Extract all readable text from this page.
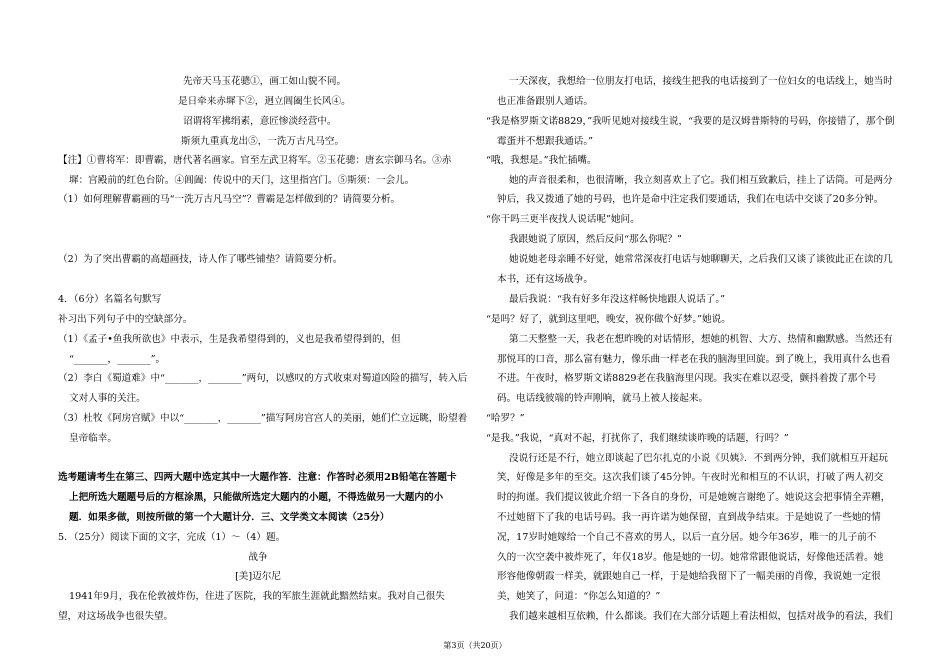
先帝天马玉花骢①，画工如山貌不同。
是日牵来赤墀下②，迥立阊阖生长风④。
诏谓将军拂绢素，意匠惨淡经营中。
斯须九重真龙出⑤，一洗万古凡马空。
【注】①曹将军：即曹霸，唐代著名画家。官至左武卫将军。②玉花骢：唐玄宗御马名。③赤
墀：宫殿前的红色台阶。④阊阖：传说中的天门，这里指宫门。⑤斯须：一会儿。
（1）如何理解曹霸画的马“一洗万古凡马空”？曹霸是怎样做到的？请简要分析。
（2）为了突出曹霸的高超画技，诗人作了哪些铺垫？请简要分析。
4．（6分）名篇名句默写
补习出下列句子中的空缺部分。
（1）《孟子•鱼我所欲也》中表示，生是我希望得到的，义也是我希望得到的，但
“_______，_______”。
（2）李白《蜀道难》中“_______，_______”两句，以感叹的方式收束对蜀道凶险的描写，转入后
文对人事的关注。
（3）杜牧《阿房宫赋》中以“_______，_______”描写阿房宫宫人的美丽，她们伫立远眺，盼望着
皇帝临幸。
选考题请考生在第三、四两大题中选定其中一大题作答．注意：作答时必须用2B铅笔在答题卡
上把所选大题题号后的方框涂黑，只能做所选定大题内的小题，不得选做另一大题内的小
题．如果多做，则按所做的第一个大题计分．三、文学类文本阅读（25分）
5．（25分）阅读下面的文字，完成（1）～（4）题。
战争
[美]迈尔尼
1941年9月，我在伦敦被炸伤，住进了医院，我的军旅生涯就此黯然结束。我对自己很失
望，对这场战争也很失望。
一天深夜，我想给一位朋友打电话，接线生把我的电话接到了一位妇女的电话线上，她当时
也正准备跟别人通话。
“我是格罗斯文诺8829，”我听见她对接线生说，“我要的是汉姆普斯特的号码，你接错了，那个倒
霉蛋并不想跟我通话。”
“哦，我想是。”我忙插嘴。
她的声音很柔和，也很清晰，我立刻喜欢上了它。我们相互致歉后，挂上了话筒。可是两分
钟后，我又拨通了她的号码，也许是命中注定我们要通话，我们在电话中交谈了20多分钟。
“你干吗三更半夜找人说话呢”她问。
我跟她说了原因，然后反问“那么你呢？”
她说她老母亲睡不好觉，她常常深夜打电话与她聊聊天，之后我们又谈了谈彼此正在读的几
本书，还有这场战争。
最后我说：“我有好多年没这样畅快地跟人说话了。”
“是吗？好了，就到这里吧，晚安，祝你做个好梦。”她说。
第二天整整一天，我老在想昨晚的对话情形，想她的机智、大方、热情和幽默感。当然还有
那悦耳的口音，那么富有魅力，像乐曲一样老在我的脑海里回旋。到了晚上，我用真什么也看
不进。午夜时，格罗斯文诺8829老在我脑海里闪现。我实在难以忍受，颤抖着拨了那个号
码。电话线彼端的铃声刚响，就马上被人接起来。
“哈罗？”
“是我。”我说，“真对不起，打扰你了，我们继续谈昨晚的话题，行吗？”
没说行还是不行，她立即谈起了巴尔扎克的小说《贝姨》．不到两分钟，我们就相互开起玩
笑，好像是多年的至交。这次我们谈了45分钟。午夜时光和相互的不认识，打破了两人初交
时的拘谨。我们提议彼此介绍一下各自的身份，可是她婉言谢绝了。她说这会把事情全弄糟，
不过她留下了我的电话号码。我一再许诺为她保留，直到战争结束。于是她说了一些她的情
况，17岁时她嫁给一个自己不喜欢的男人，以后一直分居。她今年36岁，唯一的儿子前不
久的一次空袭中被炸死了，年仅18岁。他是她的一切。她常常跟他说话，好像他还活着。她
形容他像朝霞一样美，就跟她自己一样，于是她给我留下了一幅美丽的肖像，我说她一定很
美，她笑了，问道：“你怎么知道的？”
我们越来越相互依赖，什么都谈。我们在大部分话题上看法相似，包括对战争的看法，我们
第3页（共20页）
